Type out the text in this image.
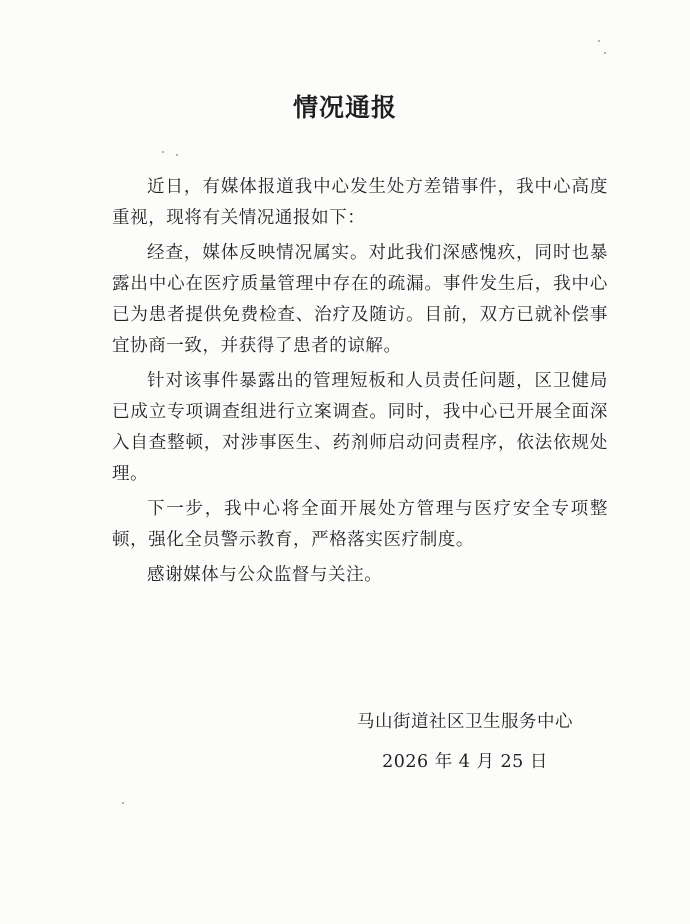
情况通报

近日，有媒体报道我中心发生处方差错事件，我中心高度重视，现将有关情况通报如下：

经查，媒体反映情况属实。对此我们深感愧疚，同时也暴露出中心在医疗质量管理中存在的疏漏。事件发生后，我中心已为患者提供免费检查、治疗及随访。目前，双方已就补偿事宜协商一致，并获得了患者的谅解。

针对该事件暴露出的管理短板和人员责任问题，区卫健局已成立专项调查组进行立案调查。同时，我中心已开展全面深入自查整顿，对涉事医生、药剂师启动问责程序，依法依规处理。

下一步，我中心将全面开展处方管理与医疗安全专项整顿，强化全员警示教育，严格落实医疗制度。

感谢媒体与公众监督与关注。

马山街道社区卫生服务中心
2026 年 4 月 25 日
